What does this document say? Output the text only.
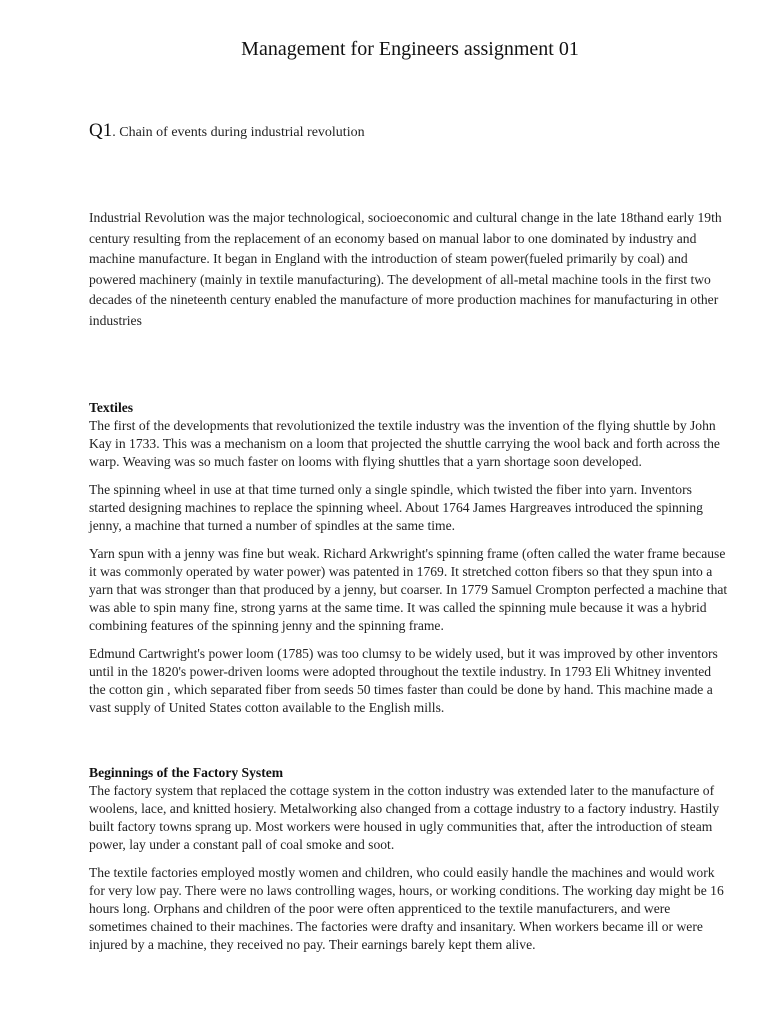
Management for Engineers assignment 01

Q1. Chain of events during industrial revolution

Industrial Revolution was the major technological, socioeconomic and cultural change in the late 18thand early 19th century resulting from the replacement of an economy based on manual labor to one dominated by industry and machine manufacture. It began in England with the introduction of steam power(fueled primarily by coal) and powered machinery (mainly in textile manufacturing). The development of all-metal machine tools in the first two decades of the nineteenth century enabled the manufacture of more production machines for manufacturing in other industries

Textiles

The first of the developments that revolutionized the textile industry was the invention of the flying shuttle by John Kay in 1733. This was a mechanism on a loom that projected the shuttle carrying the wool back and forth across the warp. Weaving was so much faster on looms with flying shuttles that a yarn shortage soon developed.

The spinning wheel in use at that time turned only a single spindle, which twisted the fiber into yarn. Inventors started designing machines to replace the spinning wheel. About 1764 James Hargreaves introduced the spinning jenny, a machine that turned a number of spindles at the same time.

Yarn spun with a jenny was fine but weak. Richard Arkwright's spinning frame (often called the water frame because it was commonly operated by water power) was patented in 1769. It stretched cotton fibers so that they spun into a yarn that was stronger than that produced by a jenny, but coarser. In 1779 Samuel Crompton perfected a machine that was able to spin many fine, strong yarns at the same time. It was called the spinning mule because it was a hybrid combining features of the spinning jenny and the spinning frame.

Edmund Cartwright's power loom (1785) was too clumsy to be widely used, but it was improved by other inventors until in the 1820's power-driven looms were adopted throughout the textile industry. In 1793 Eli Whitney invented the cotton gin , which separated fiber from seeds 50 times faster than could be done by hand. This machine made a vast supply of United States cotton available to the English mills.

Beginnings of the Factory System

The factory system that replaced the cottage system in the cotton industry was extended later to the manufacture of woolens, lace, and knitted hosiery. Metalworking also changed from a cottage industry to a factory industry. Hastily built factory towns sprang up. Most workers were housed in ugly communities that, after the introduction of steam power, lay under a constant pall of coal smoke and soot.

The textile factories employed mostly women and children, who could easily handle the machines and would work for very low pay. There were no laws controlling wages, hours, or working conditions. The working day might be 16 hours long. Orphans and children of the poor were often apprenticed to the textile manufacturers, and were sometimes chained to their machines. The factories were drafty and insanitary. When workers became ill or were injured by a machine, they received no pay. Their earnings barely kept them alive.
